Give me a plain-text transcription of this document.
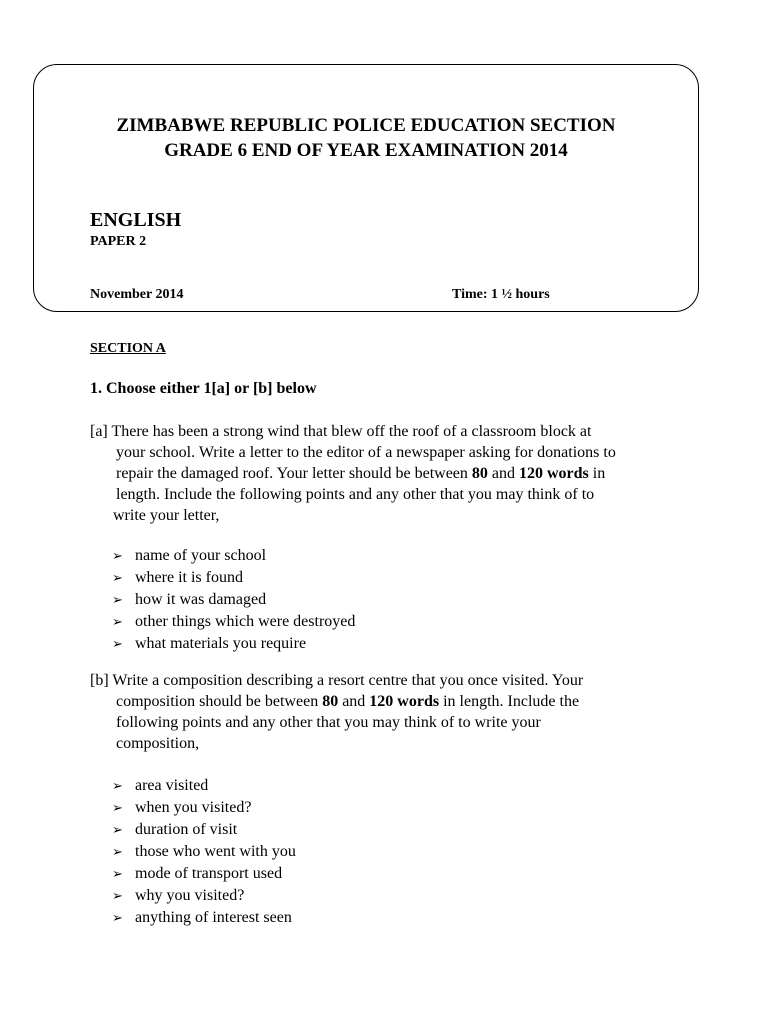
ZIMBABWE REPUBLIC POLICE EDUCATION SECTION
GRADE 6 END OF YEAR EXAMINATION 2014
ENGLISH
PAPER 2
November 2014	Time: 1 ½ hours
SECTION A
1. Choose either 1[a] or [b] below
[a] There has been a strong wind that blew off the roof of a classroom block at
your school. Write a letter to the editor of a newspaper asking for donations to
repair the damaged roof. Your letter should be between 80 and 120 words in
length. Include the following points and any other that you may think of to
write your letter,
➢ name of your school
➢ where it is found
➢ how it was damaged
➢ other things which were destroyed
➢ what materials you require
[b] Write a composition describing a resort centre that you once visited. Your
composition should be between 80 and 120 words in length. Include the
following points and any other that you may think of to write your
composition,
➢ area visited
➢ when you visited?
➢ duration of visit
➢ those who went with you
➢ mode of transport used
➢ why you visited?
➢ anything of interest seen
